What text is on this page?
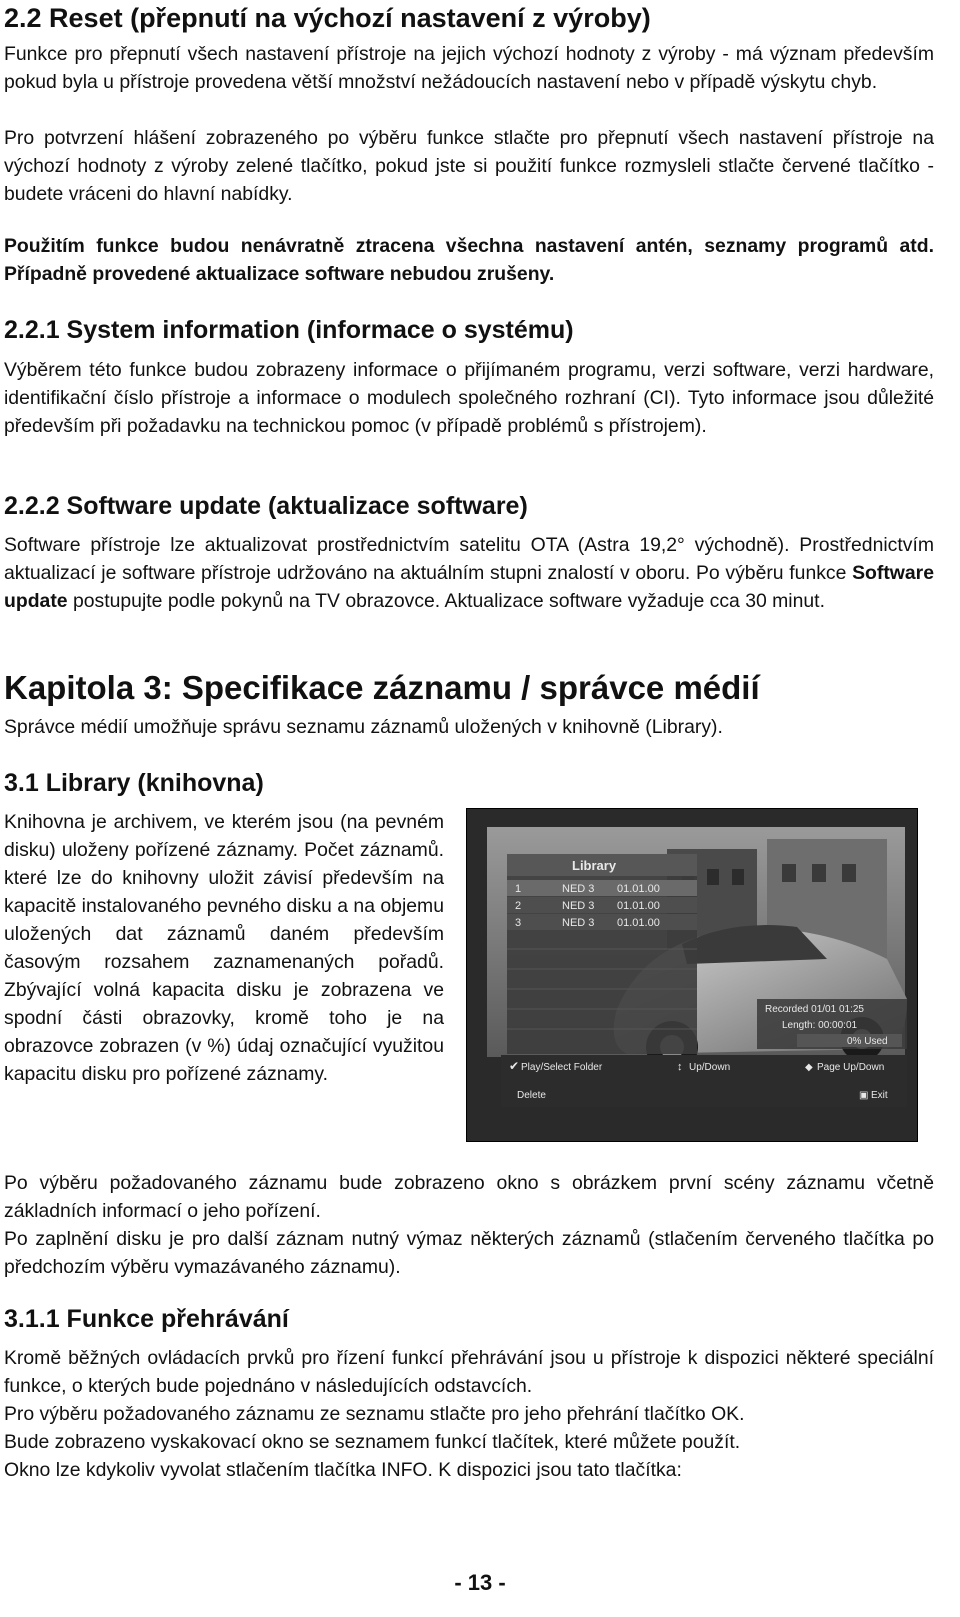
2.2 Reset (přepnutí na výchozí nastavení z výroby)

Funkce pro přepnutí všech nastavení přístroje na jejich výchozí hodnoty z výroby - má význam především pokud byla u přístroje provedena větší množství nežádoucích nastavení nebo v případě výskytu chyb.

Pro potvrzení hlášení zobrazeného po výběru funkce stlačte pro přepnutí všech nastavení přístroje na výchozí hodnoty z výroby zelené tlačítko, pokud jste si použití funkce rozmysleli stlačte červené tlačítko - budete vráceni do hlavní nabídky.

Použitím funkce budou nenávratně ztracena všechna nastavení antén, seznamy programů atd. Případně provedené aktualizace software nebudou zrušeny.

2.2.1 System information (informace o systému)

Výběrem této funkce budou zobrazeny informace o přijímaném programu, verzi software, verzi hardware, identifikační číslo přístroje a informace o modulech společného rozhraní (CI). Tyto informace jsou důležité především při požadavku na technickou pomoc (v případě problémů s přístrojem).

2.2.2 Software update (aktualizace software)

Software přístroje lze aktualizovat prostřednictvím satelitu OTA (Astra 19,2° východně). Prostřednictvím aktualizací je software přístroje udržováno na aktuálním stupni znalostí v oboru. Po výběru funkce Software update postupujte podle pokynů na TV obrazovce. Aktualizace software vyžaduje cca 30 minut.

Kapitola 3: Specifikace záznamu / správce médií

Správce médií umožňuje správu seznamu záznamů uložených v knihovně (Library).

3.1 Library (knihovna)

Knihovna je archivem, ve kterém jsou (na pevném disku) uloženy pořízené záznamy. Počet záznamů. které lze do knihovny uložit závisí především na kapacitě instalovaného pevného disku a na objemu uložených dat záznamů daném především časovým rozsahem zaznamenaných pořadů. Zbývající volná kapacita disku je zobrazena ve spodní části obrazovky, kromě toho je na obrazovce zobrazen (v %) údaj označující využitou kapacitu disku pro pořízené záznamy.

Library
1	NED 3 01.01.00
2	NED 3 01.01.00
3	NED 3 01.01.00
Recorded 01/01 01:25
Length: 00:00:01
0% Used
✔ Play/Select Folder	↕ Up/Down	◆ Page Up/Down
Delete	▣ Exit

Po výběru požadovaného záznamu bude zobrazeno okno s obrázkem první scény záznamu včetně základních informací o jeho pořízení.

Po zaplnění disku je pro další záznam nutný výmaz některých záznamů (stlačením červeného tlačítka po předchozím výběru vymazávaného záznamu).

3.1.1 Funkce přehrávání

Kromě běžných ovládacích prvků pro řízení funkcí přehrávání jsou u přístroje k dispozici některé speciální funkce, o kterých bude pojednáno v následujících odstavcích.

Pro výběru požadovaného záznamu ze seznamu stlačte pro jeho přehrání tlačítko OK.

Bude zobrazeno vyskakovací okno se seznamem funkcí tlačítek, které můžete použít.

Okno lze kdykoliv vyvolat stlačením tlačítka INFO. K dispozici jsou tato tlačítka:

- 13 -
